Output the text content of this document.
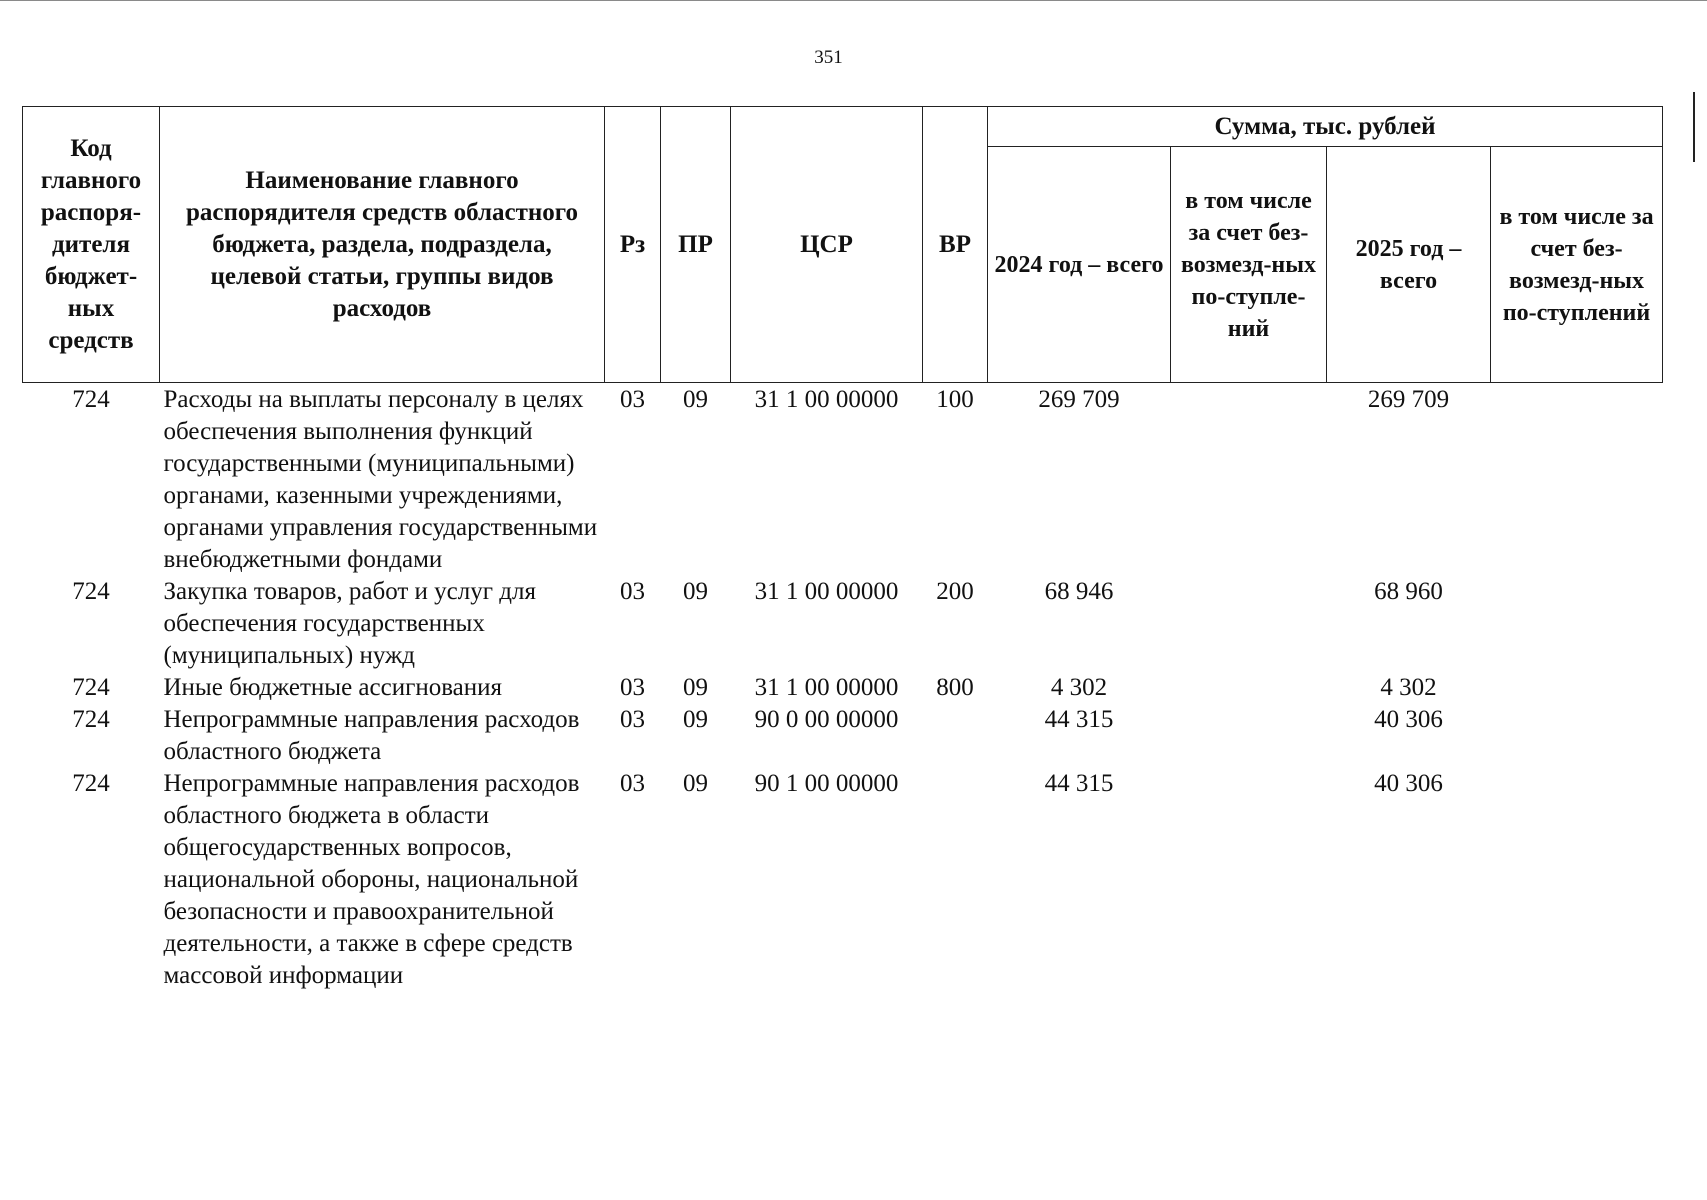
351
Код главного распоря-дителя бюджет-ных средств	Наименование главного распорядителя средств областного бюджета, раздела, подраздела, целевой статьи, группы видов расходов	Рз	ПР	ЦСР	ВР	Сумма, тыс. рублей			
						2024 год – всего	в том числе за счет без-возмезд-ных по-ступле-ний	2025 год – всего	в том числе за счет без-возмезд-ных по-ступлений
724	Расходы на выплаты персоналу в целях обеспечения выполнения функций государственными (муниципальными) органами, казенными учреждениями, органами управления государственными внебюджетными фондами	03	09	31 1 00 00000	100	269 709		269 709	
724	Закупка товаров, работ и услуг для обеспечения государственных (муниципальных) нужд	03	09	31 1 00 00000	200	68 946		68 960	
724	Иные бюджетные ассигнования	03	09	31 1 00 00000	800	4 302		4 302	
724	Непрограммные направления расходов областного бюджета	03	09	90 0 00 00000		44 315		40 306	
724	Непрограммные направления расходов областного бюджета в области общегосударственных вопросов, национальной обороны, национальной безопасности и правоохранительной деятельности, а также в сфере средств массовой информации	03	09	90 1 00 00000		44 315		40 306	
